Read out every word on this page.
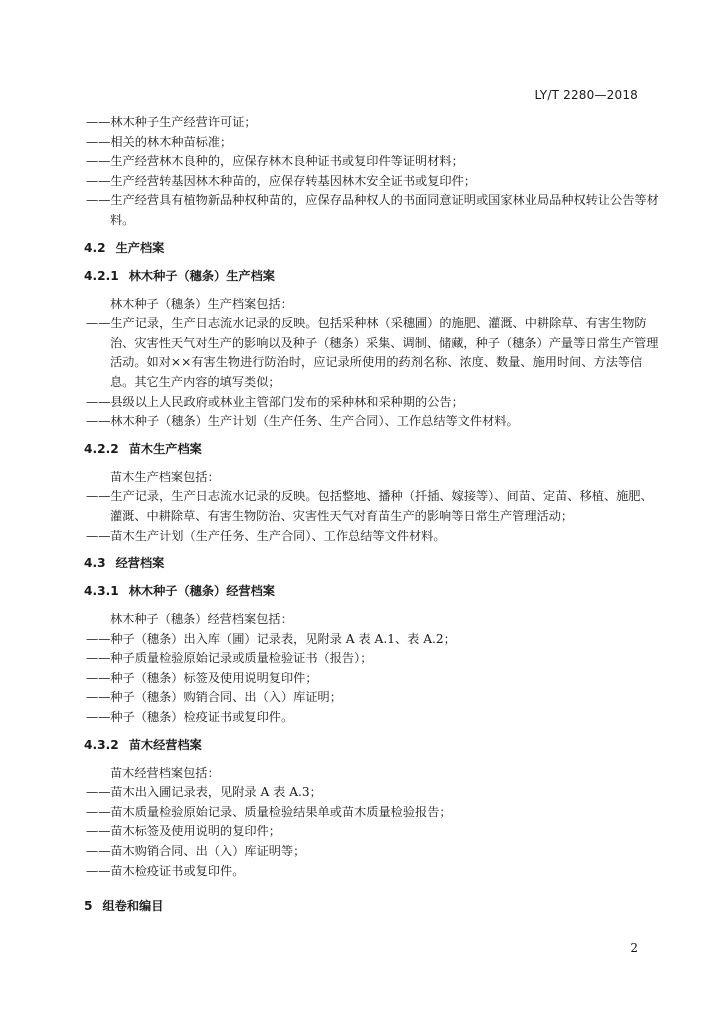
LY/T 2280—2018
——林木种子生产经营许可证；
——相关的林木种苗标准；
——生产经营林木良种的，应保存林木良种证书或复印件等证明材料；
——生产经营转基因林木种苗的，应保存转基因林木安全证书或复印件；
——生产经营具有植物新品种权种苗的，应保存品种权人的书面同意证明或国家林业局品种权转让公告等材料。
4.2 生产档案
4.2.1 林木种子（穗条）生产档案
林木种子（穗条）生产档案包括：
——生产记录，生产日志流水记录的反映。包括采种林（采穗圃）的施肥、灌溉、中耕除草、有害生物防治、灾害性天气对生产的影响以及种子（穗条）采集、调制、储藏，种子（穗条）产量等日常生产管理活动。如对××有害生物进行防治时，应记录所使用的药剂名称、浓度、数量、施用时间、方法等信息。其它生产内容的填写类似；
——县级以上人民政府或林业主管部门发布的采种林和采种期的公告；
——林木种子（穗条）生产计划（生产任务、生产合同）、工作总结等文件材料。
4.2.2 苗木生产档案
苗木生产档案包括：
——生产记录，生产日志流水记录的反映。包括整地、播种（扦插、嫁接等）、间苗、定苗、移植、施肥、灌溉、中耕除草、有害生物防治、灾害性天气对育苗生产的影响等日常生产管理活动；
——苗木生产计划（生产任务、生产合同）、工作总结等文件材料。
4.3 经营档案
4.3.1 林木种子（穗条）经营档案
林木种子（穗条）经营档案包括：
——种子（穗条）出入库（圃）记录表，见附录 A 表 A.1、表 A.2；
——种子质量检验原始记录或质量检验证书（报告）；
——种子（穗条）标签及使用说明复印件；
——种子（穗条）购销合同、出（入）库证明；
——种子（穗条）检疫证书或复印件。
4.3.2 苗木经营档案
苗木经营档案包括：
——苗木出入圃记录表，见附录 A 表 A.3；
——苗木质量检验原始记录、质量检验结果单或苗木质量检验报告；
——苗木标签及使用说明的复印件；
——苗木购销合同、出（入）库证明等；
——苗木检疫证书或复印件。
5 组卷和编目
2
